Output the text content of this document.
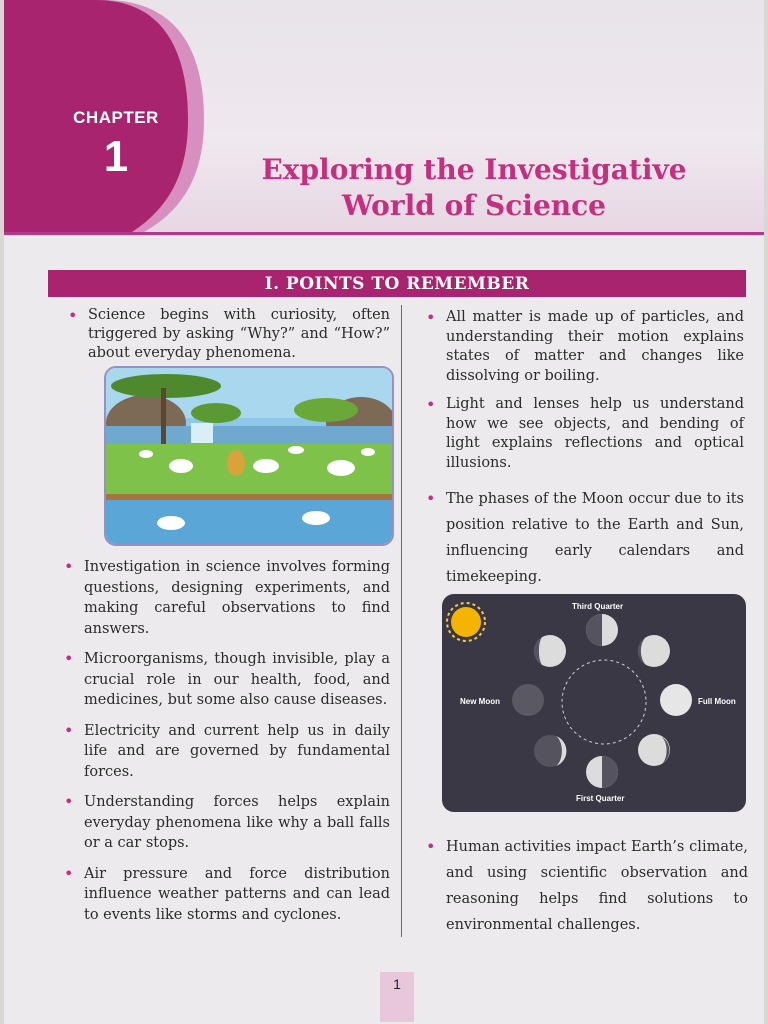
CHAPTER
1	Exploring the Investigative
World of Science
I. POINTS TO REMEMBER
• Science begins with curiosity, often triggered by asking “Why?” and “How?” about everyday phenomena.
• Investigation in science involves forming questions, designing experiments, and making careful observations to find answers.
• Microorganisms, though invisible, play a crucial role in our health, food, and medicines, but some also cause diseases.
• Electricity and current help us in daily life and are governed by fundamental forces.
• Understanding forces helps explain everyday phenomena like why a ball falls or a car stops.
• Air pressure and force distribution influence weather patterns and can lead to events like storms and cyclones.
• All matter is made up of particles, and understanding their motion explains states of matter and changes like dissolving or boiling.
• Light and lenses help us understand how we see objects, and bending of light explains reflections and optical illusions.
• The phases of the Moon occur due to its position relative to the Earth and Sun, influencing early calendars and timekeeping.
Third Quarter
New Moon	Full Moon
First Quarter
• Human activities impact Earth’s climate, and using scientific observation and reasoning helps find solutions to environmental challenges.
1
